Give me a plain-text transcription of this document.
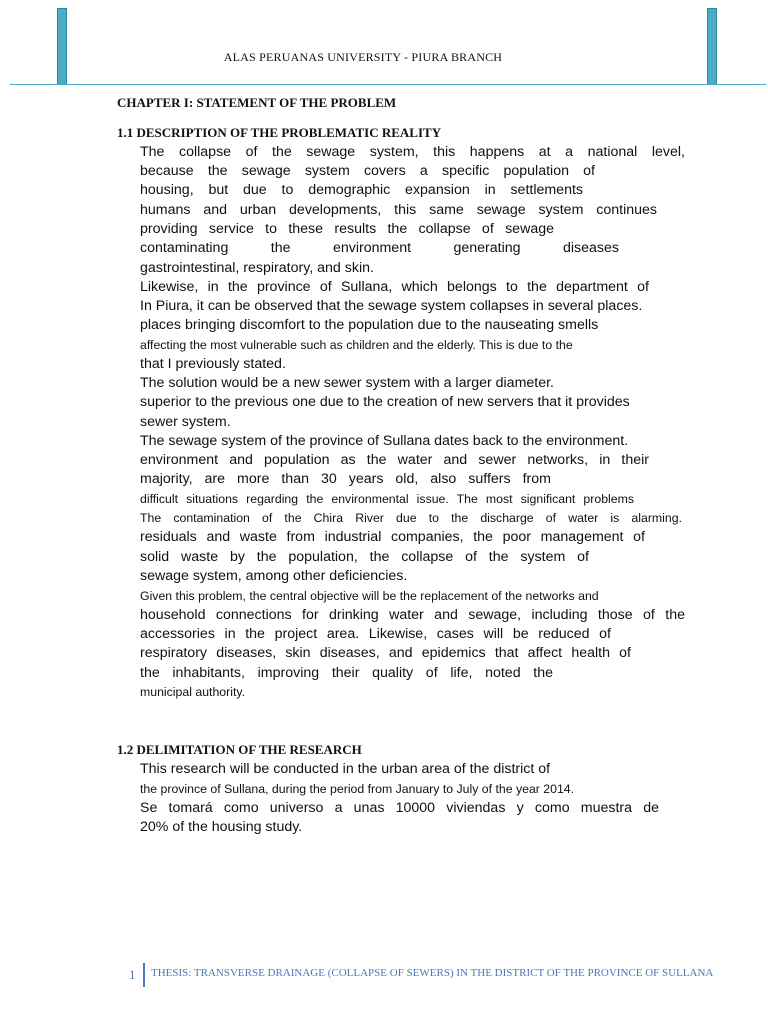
ALAS PERUANAS UNIVERSITY - PIURA BRANCH
CHAPTER I: STATEMENT OF THE PROBLEM
1.1 DESCRIPTION OF THE PROBLEMATIC REALITY
The collapse of the sewage system, this happens at a national level,
because the sewage system covers a specific population of
housing, but due to demographic expansion in settlements
humans and urban developments, this same sewage system continues
providing service to these results the collapse of sewage
contaminating the environment generating diseases
gastrointestinal, respiratory, and skin.
Likewise, in the province of Sullana, which belongs to the department of
In Piura, it can be observed that the sewage system collapses in several places.
places bringing discomfort to the population due to the nauseating smells
affecting the most vulnerable such as children and the elderly. This is due to the
that I previously stated.
The solution would be a new sewer system with a larger diameter.
superior to the previous one due to the creation of new servers that it provides
sewer system.
The sewage system of the province of Sullana dates back to the environment.
environment and population as the water and sewer networks, in their
majority, are more than 30 years old, also suffers from
difficult situations regarding the environmental issue. The most significant problems
The contamination of the Chira River due to the discharge of water is alarming.
residuals and waste from industrial companies, the poor management of
solid waste by the population, the collapse of the system of
sewage system, among other deficiencies.
Given this problem, the central objective will be the replacement of the networks and
household connections for drinking water and sewage, including those of the
accessories in the project area. Likewise, cases will be reduced of
respiratory diseases, skin diseases, and epidemics that affect health of
the inhabitants, improving their quality of life, noted the
municipal authority.
1.2 DELIMITATION OF THE RESEARCH
This research will be conducted in the urban area of the district of
the province of Sullana, during the period from January to July of the year 2014.
Se tomará como universo a unas 10000 viviendas y como muestra de
20% of the housing study.
1 THESIS: TRANSVERSE DRAINAGE (COLLAPSE OF SEWERS) IN THE DISTRICT OF THE PROVINCE OF SULLANA
